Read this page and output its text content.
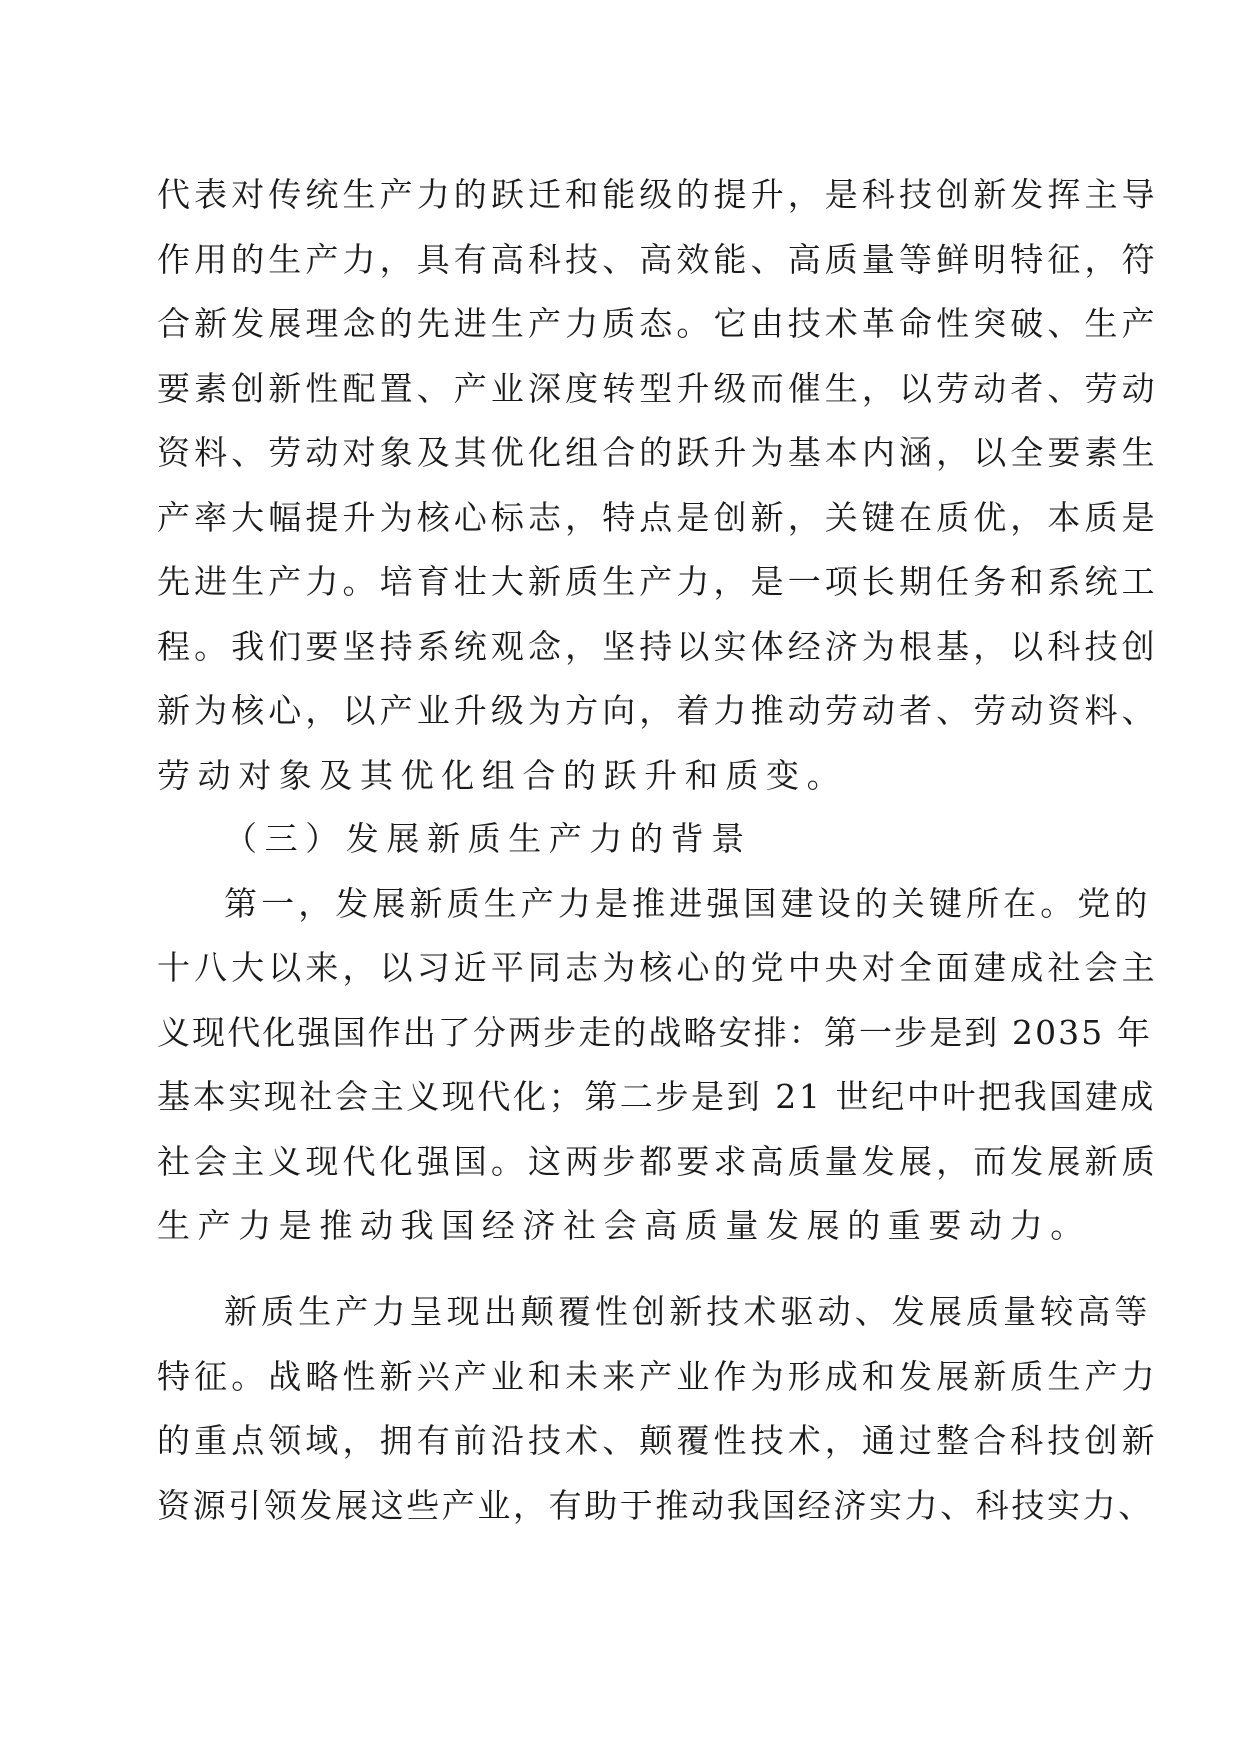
代表对传统生产力的跃迁和能级的提升，是科技创新发挥主导
作用的生产力，具有高科技、高效能、高质量等鲜明特征，符
合新发展理念的先进生产力质态。它由技术革命性突破、生产
要素创新性配置、产业深度转型升级而催生，以劳动者、劳动
资料、劳动对象及其优化组合的跃升为基本内涵，以全要素生
产率大幅提升为核心标志，特点是创新，关键在质优，本质是
先进生产力。培育壮大新质生产力，是一项长期任务和系统工
程。我们要坚持系统观念，坚持以实体经济为根基，以科技创
新为核心，以产业升级为方向，着力推动劳动者、劳动资料、
劳动对象及其优化组合的跃升和质变。
（三）发展新质生产力的背景
第一，发展新质生产力是推进强国建设的关键所在。党的
十八大以来，以习近平同志为核心的党中央对全面建成社会主
义现代化强国作出了分两步走的战略安排：第一步是到 2035 年
基本实现社会主义现代化；第二步是到 21 世纪中叶把我国建成
社会主义现代化强国。这两步都要求高质量发展，而发展新质
生产力是推动我国经济社会高质量发展的重要动力。
新质生产力呈现出颠覆性创新技术驱动、发展质量较高等
特征。战略性新兴产业和未来产业作为形成和发展新质生产力
的重点领域，拥有前沿技术、颠覆性技术，通过整合科技创新
资源引领发展这些产业，有助于推动我国经济实力、科技实力、
